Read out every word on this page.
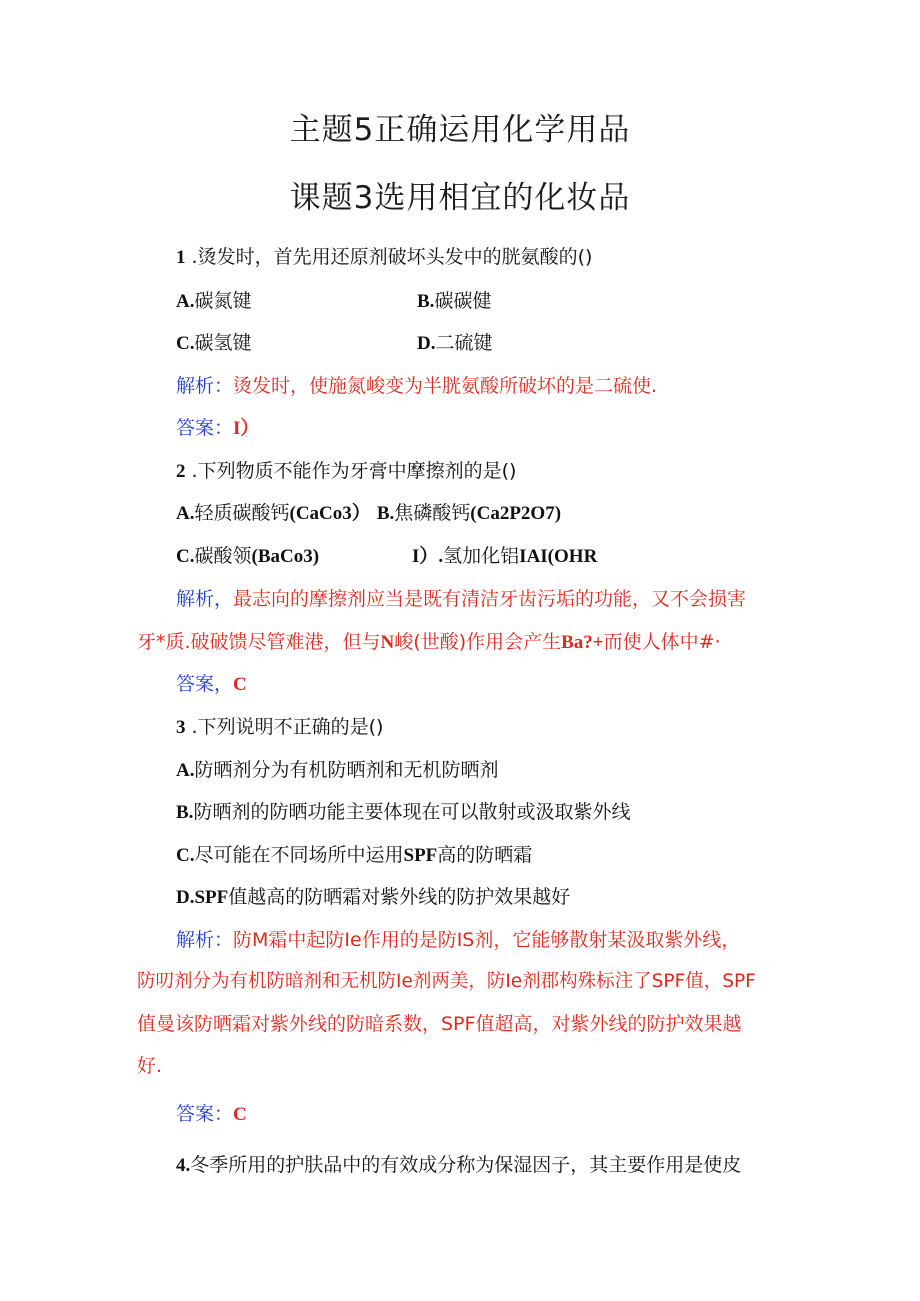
主题5正确运用化学用品
课题3选用相宜的化妆品
1 .烫发时，首先用还原剂破坏头发中的胱氨酸的()
A.碳氮键	B.碳碳健
C.碳氢键	D.二硫键
解析：烫发时，使施氮峻变为半胱氨酸所破坏的是二硫使.
答案：I）
2 .下列物质不能作为牙膏中摩擦剂的是()
A.轻质碳酸钙(CaCo3） B.焦磷酸钙(Ca2P2O7)
C.碳酸领(BaCo3)	I）.氢加化铝IAI(OHR
解析，最志向的摩擦剂应当是既有清洁牙齿污垢的功能，又不会损害
牙*质.破破馈尽管难港，但与N峻(世酸)作用会产生Ba?+而使人体中#·
答案，C
3 .下列说明不正确的是()
A.防晒剂分为有机防晒剂和无机防晒剂
B.防晒剂的防晒功能主要体现在可以散射或汲取紫外线
C.尽可能在不同场所中运用SPF高的防晒霜
D.SPF值越高的防晒霜对紫外线的防护效果越好
解析：防M霜中起防Ie作用的是防IS剂，它能够散射某汲取紫外线，
防叨剂分为有机防暗剂和无机防Ie剂两美，防Ie剂郡构殊标注了SPF值，SPF
值曼该防晒霜对紫外线的防暗系数，SPF值超高，对紫外线的防护效果越
好.
答案：C
4.冬季所用的护肤品中的有效成分称为保湿因子，其主要作用是使皮
